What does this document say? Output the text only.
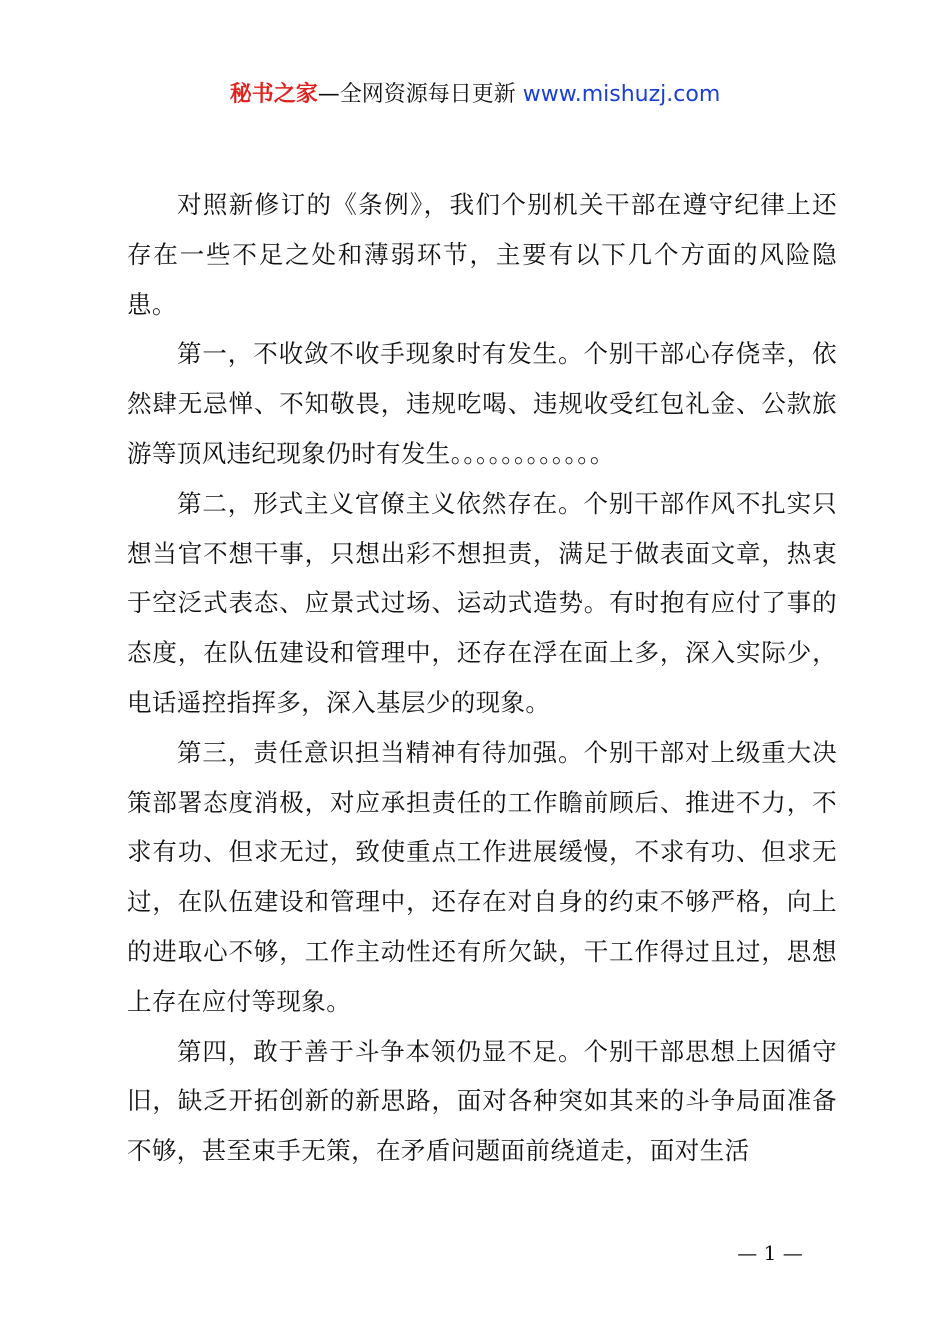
秘书之家—全网资源每日更新 www.mishuzj.com

对照新修订的《条例》，我们个别机关干部在遵守纪律上还存在一些不足之处和薄弱环节，主要有以下几个方面的风险隐患。

第一，不收敛不收手现象时有发生。个别干部心存侥幸，依然肆无忌惮、不知敬畏，违规吃喝、违规收受红包礼金、公款旅游等顶风违纪现象仍时有发生。。。。。。。。。。。。

第二，形式主义官僚主义依然存在。个别干部作风不扎实只想当官不想干事，只想出彩不想担责，满足于做表面文章，热衷于空泛式表态、应景式过场、运动式造势。有时抱有应付了事的态度，在队伍建设和管理中，还存在浮在面上多，深入实际少，电话遥控指挥多，深入基层少的现象。

第三，责任意识担当精神有待加强。个别干部对上级重大决策部署态度消极，对应承担责任的工作瞻前顾后、推进不力，不求有功、但求无过，致使重点工作进展缓慢，不求有功、但求无过，在队伍建设和管理中，还存在对自身的约束不够严格，向上的进取心不够，工作主动性还有所欠缺，干工作得过且过，思想上存在应付等现象。

第四，敢于善于斗争本领仍显不足。个别干部思想上因循守旧，缺乏开拓创新的新思路，面对各种突如其来的斗争局面准备不够，甚至束手无策，在矛盾问题面前绕道走，面对生活

— 1 —
